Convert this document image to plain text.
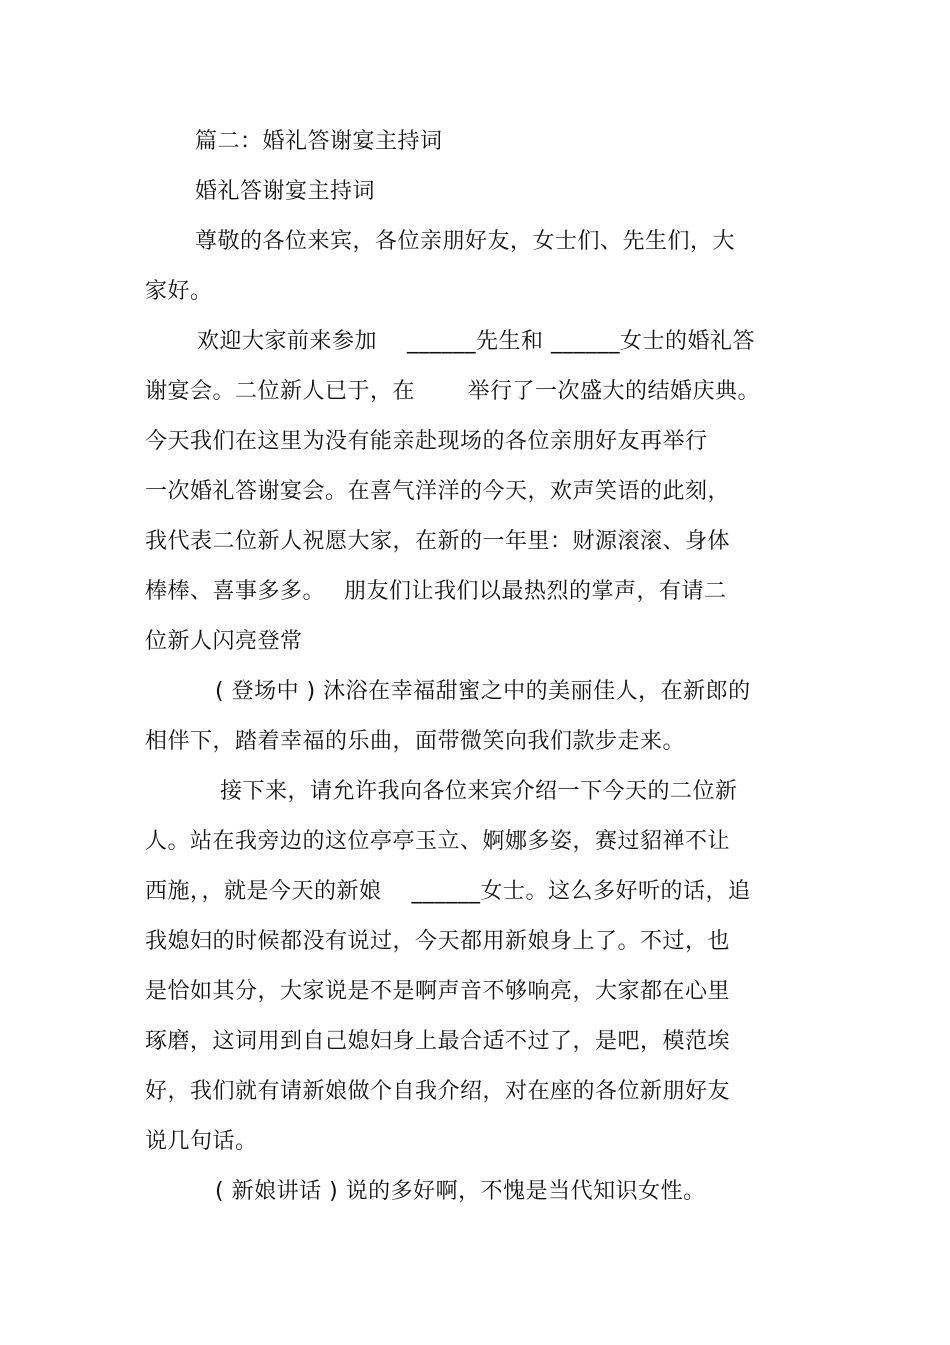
篇二：婚礼答谢宴主持词

婚礼答谢宴主持词

尊敬的各位来宾，各位亲朋好友，女士们、先生们，大

家好。

欢迎大家前来参加　 ______先生和 ______女士的婚礼答

谢宴会。二位新人已于，在　　 举行了一次盛大的结婚庆典。

今天我们在这里为没有能亲赴现场的各位亲朋好友再举行

一次婚礼答谢宴会。在喜气洋洋的今天，欢声笑语的此刻，

我代表二位新人祝愿大家，在新的一年里：财源滚滚、身体

棒棒、喜事多多。　 朋友们让我们以最热烈的掌声，有请二

位新人闪亮登常

( 登场中 ) 沐浴在幸福甜蜜之中的美丽佳人，在新郎的

相伴下，踏着幸福的乐曲，面带微笑向我们款步走来。

接下来，请允许我向各位来宾介绍一下今天的二位新

人。站在我旁边的这位亭亭玉立、婀娜多姿，赛过貂禅不让

西施，，就是今天的新娘　 ______女士。这么多好听的话，追

我媳妇的时候都没有说过，今天都用新娘身上了。不过，也

是恰如其分，大家说是不是啊声音不够响亮，大家都在心里

琢磨，这词用到自己媳妇身上最合适不过了，是吧，模范埃

好，我们就有请新娘做个自我介绍，对在座的各位新朋好友

说几句话。

( 新娘讲话 ) 说的多好啊，不愧是当代知识女性。
